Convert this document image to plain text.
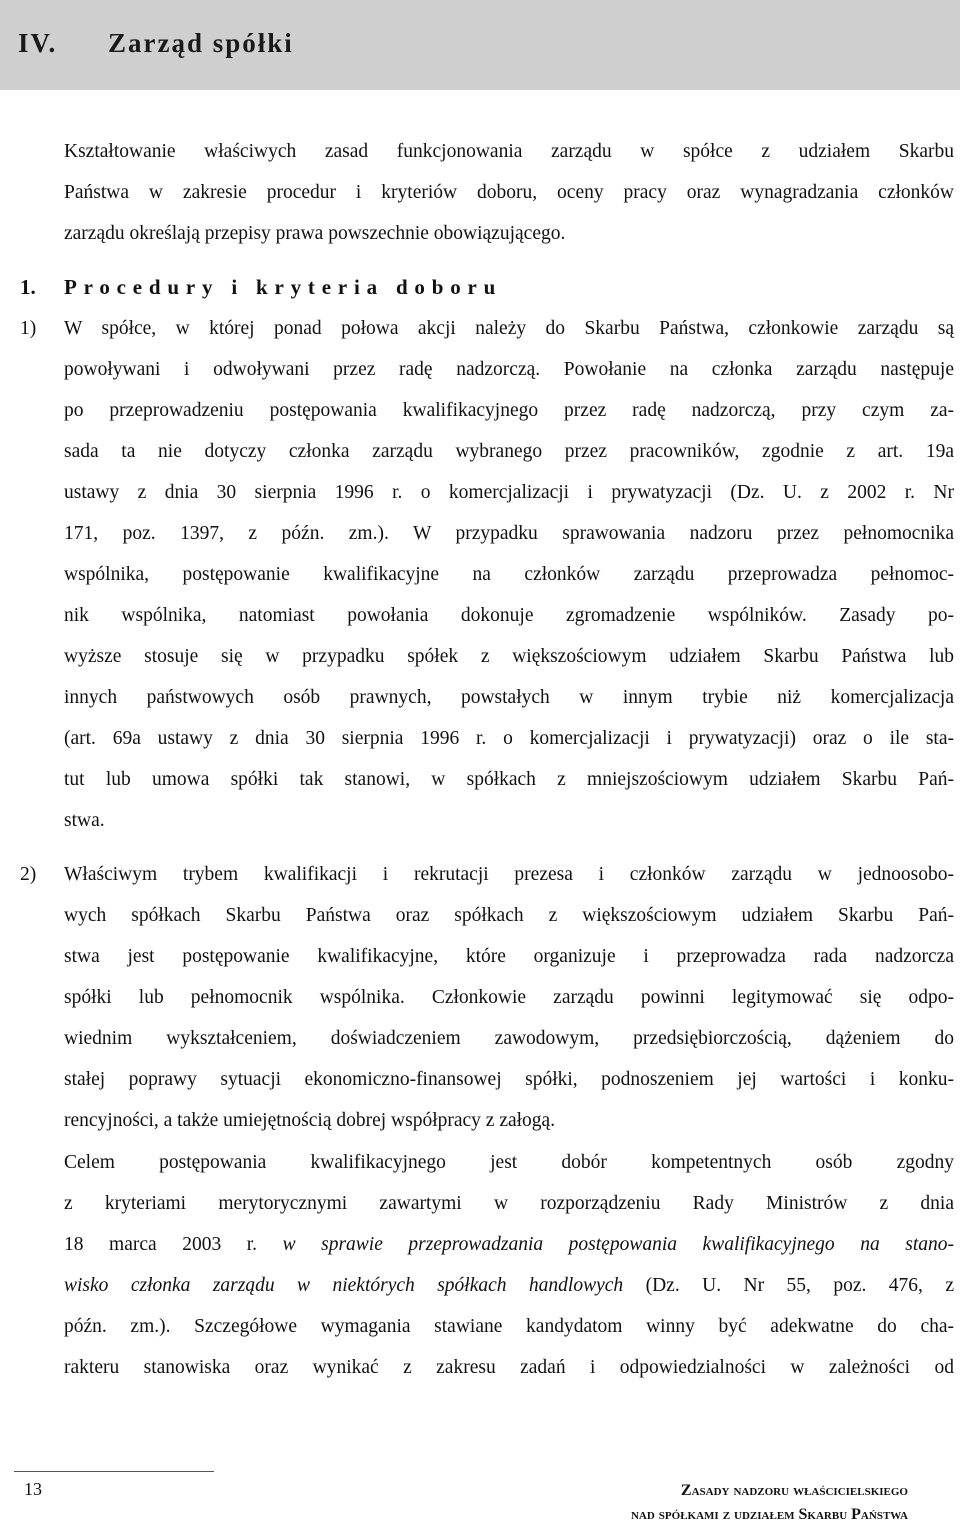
IV. Zarząd spółki
Kształtowanie właściwych zasad funkcjonowania zarządu w spółce z udziałem Skarbu
Państwa w zakresie procedur i kryteriów doboru, oceny pracy oraz wynagradzania członków
zarządu określają przepisy prawa powszechnie obowiązującego.
1. Procedury i kryteria doboru
1) W spółce, w której ponad połowa akcji należy do Skarbu Państwa, członkowie zarządu są
powoływani i odwoływani przez radę nadzorczą. Powołanie na członka zarządu następuje
po przeprowadzeniu postępowania kwalifikacyjnego przez radę nadzorczą, przy czym za-
sada ta nie dotyczy członka zarządu wybranego przez pracowników, zgodnie z art. 19a
ustawy z dnia 30 sierpnia 1996 r. o komercjalizacji i prywatyzacji (Dz. U. z 2002 r. Nr
171, poz. 1397, z późn. zm.). W przypadku sprawowania nadzoru przez pełnomocnika
wspólnika, postępowanie kwalifikacyjne na członków zarządu przeprowadza pełnomoc-
nik wspólnika, natomiast powołania dokonuje zgromadzenie wspólników. Zasady po-
wyższe stosuje się w przypadku spółek z większościowym udziałem Skarbu Państwa lub
innych państwowych osób prawnych, powstałych w innym trybie niż komercjalizacja
(art. 69a ustawy z dnia 30 sierpnia 1996 r. o komercjalizacji i prywatyzacji) oraz o ile sta-
tut lub umowa spółki tak stanowi, w spółkach z mniejszościowym udziałem Skarbu Pań-
stwa.
2) Właściwym trybem kwalifikacji i rekrutacji prezesa i członków zarządu w jednoosobo-
wych spółkach Skarbu Państwa oraz spółkach z większościowym udziałem Skarbu Pań-
stwa jest postępowanie kwalifikacyjne, które organizuje i przeprowadza rada nadzorcza
spółki lub pełnomocnik wspólnika. Członkowie zarządu powinni legitymować się odpo-
wiednim wykształceniem, doświadczeniem zawodowym, przedsiębiorczością, dążeniem do
stałej poprawy sytuacji ekonomiczno-finansowej spółki, podnoszeniem jej wartości i konku-
rencyjności, a także umiejętnością dobrej współpracy z załogą.
Celem postępowania kwalifikacyjnego jest dobór kompetentnych osób zgodny
z kryteriami merytorycznymi zawartymi w rozporządzeniu Rady Ministrów z dnia
18 marca 2003 r. w sprawie przeprowadzania postępowania kwalifikacyjnego na stano-
wisko członka zarządu w niektórych spółkach handlowych (Dz. U. Nr 55, poz. 476, z
późn. zm.). Szczegółowe wymagania stawiane kandydatom winny być adekwatne do cha-
rakteru stanowiska oraz wynikać z zakresu zadań i odpowiedzialności w zależności od
13	Zasady nadzoru właścicielskiego
nad spółkami z udziałem Skarbu Państwa
